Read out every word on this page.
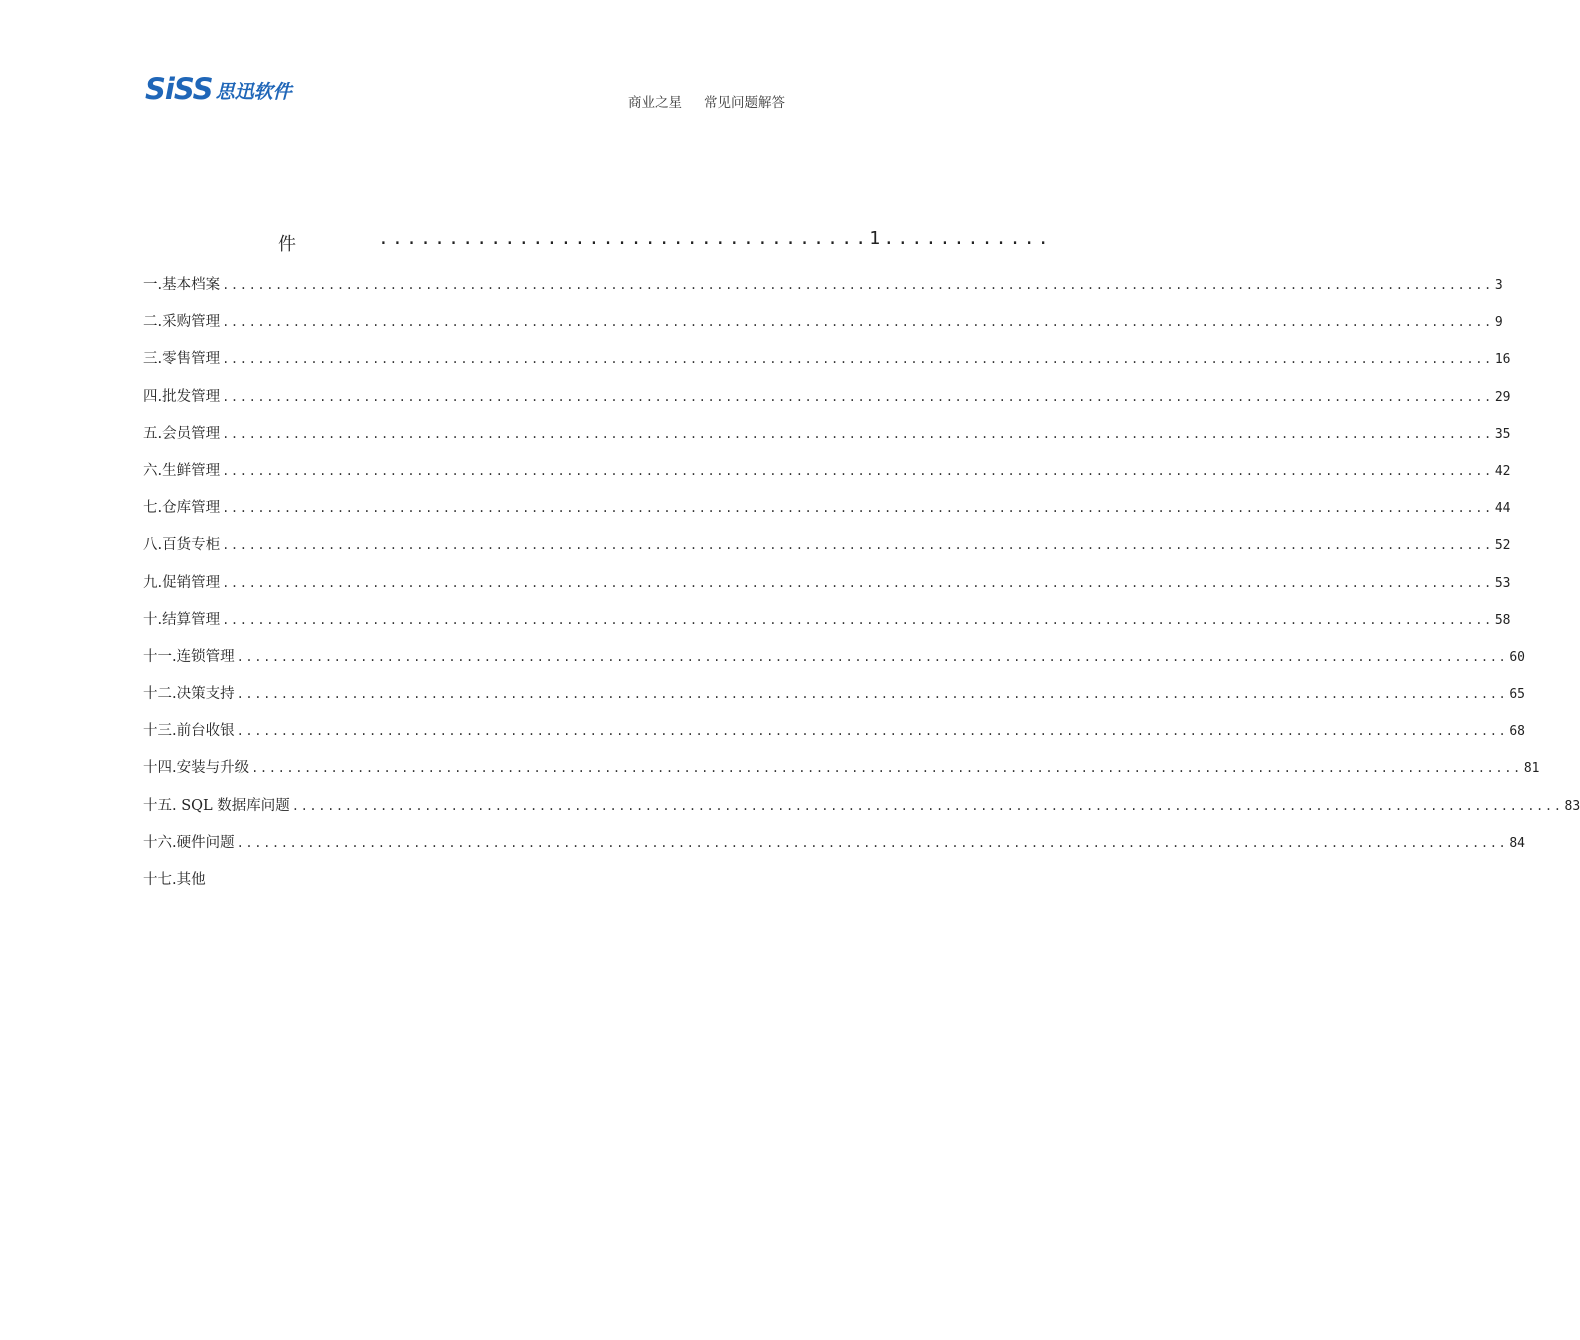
SiSS 思迅软件	商业之星 常见问题解答
件	...................................1............
一.基本档案 .....	3
二.采购管理 .....	9
三.零售管理 .....	16
四.批发管理 .....	29
五.会员管理 .....	35
六.生鲜管理 .....	42
七.仓库管理 .....	44
八.百货专柜 .....	52
九.促销管理 .....	53
十.结算管理 .....	58
十一.连锁管理 .....	60
十二.决策支持 .....	65
十三.前台收银 .....	68
十四.安装与升级 .....	81
十五. SQL 数据库问题 .....	83
十六.硬件问题 .....	84
十七.其他
